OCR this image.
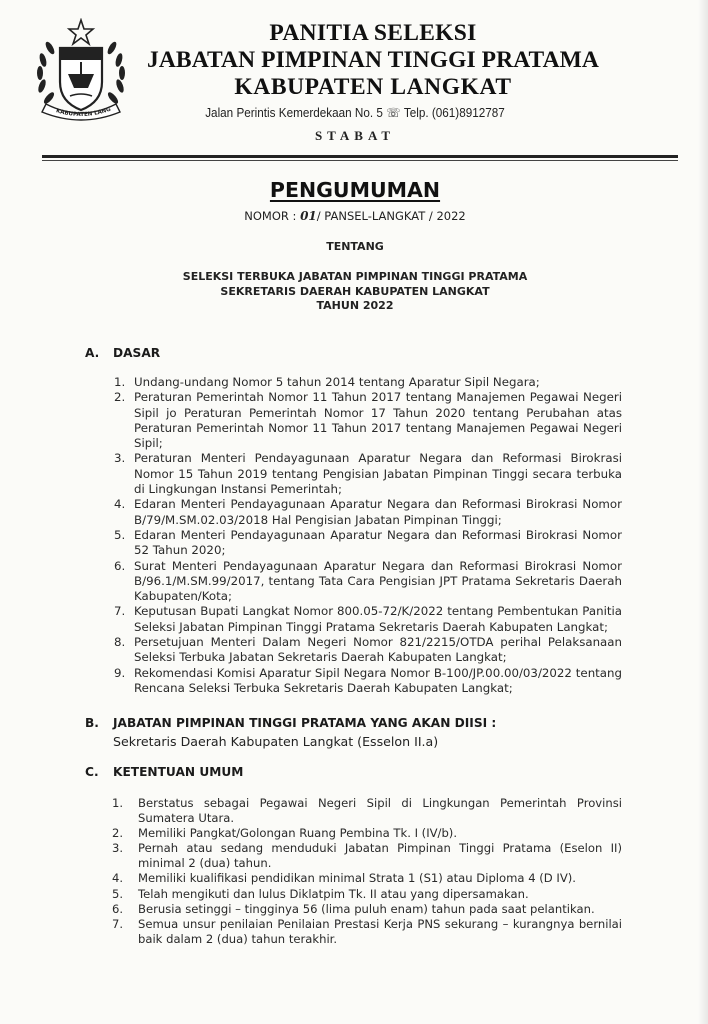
KABUPATEN LANG
PANITIA SELEKSI
JABATAN PIMPINAN TINGGI PRATAMA
KABUPATEN LANGKAT
Jalan Perintis Kemerdekaan No. 5 ☏ Telp. (061)8912787
STABAT
PENGUMUMAN
NOMOR : 01/ PANSEL-LANGKAT / 2022
TENTANG
SELEKSI TERBUKA JABATAN PIMPINAN TINGGI PRATAMA
SEKRETARIS DAERAH KABUPATEN LANGKAT
TAHUN 2022
A. DASAR
1. Undang-undang Nomor 5 tahun 2014 tentang Aparatur Sipil Negara;
2. Peraturan Pemerintah Nomor 11 Tahun 2017 tentang Manajemen Pegawai Negeri Sipil jo Peraturan Pemerintah Nomor 17 Tahun 2020 tentang Perubahan atas Peraturan Pemerintah Nomor 11 Tahun 2017 tentang Manajemen Pegawai Negeri Sipil;
3. Peraturan Menteri Pendayagunaan Aparatur Negara dan Reformasi Birokrasi Nomor 15 Tahun 2019 tentang Pengisian Jabatan Pimpinan Tinggi secara terbuka di Lingkungan Instansi Pemerintah;
4. Edaran Menteri Pendayagunaan Aparatur Negara dan Reformasi Birokrasi Nomor B/79/M.SM.02.03/2018 Hal Pengisian Jabatan Pimpinan Tinggi;
5. Edaran Menteri Pendayagunaan Aparatur Negara dan Reformasi Birokrasi Nomor 52 Tahun 2020;
6. Surat Menteri Pendayagunaan Aparatur Negara dan Reformasi Birokrasi Nomor B/96.1/M.SM.99/2017, tentang Tata Cara Pengisian JPT Pratama Sekretaris Daerah Kabupaten/Kota;
7. Keputusan Bupati Langkat Nomor 800.05-72/K/2022 tentang Pembentukan Panitia Seleksi Jabatan Pimpinan Tinggi Pratama Sekretaris Daerah Kabupaten Langkat;
8. Persetujuan Menteri Dalam Negeri Nomor 821/2215/OTDA perihal Pelaksanaan Seleksi Terbuka Jabatan Sekretaris Daerah Kabupaten Langkat;
9. Rekomendasi Komisi Aparatur Sipil Negara Nomor B-100/JP.00.00/03/2022 tentang Rencana Seleksi Terbuka Sekretaris Daerah Kabupaten Langkat;
B. JABATAN PIMPINAN TINGGI PRATAMA YANG AKAN DIISI :
Sekretaris Daerah Kabupaten Langkat (Esselon II.a)
C. KETENTUAN UMUM
1. Berstatus sebagai Pegawai Negeri Sipil di Lingkungan Pemerintah Provinsi Sumatera Utara.
2. Memiliki Pangkat/Golongan Ruang Pembina Tk. I (IV/b).
3. Pernah atau sedang menduduki Jabatan Pimpinan Tinggi Pratama (Eselon II) minimal 2 (dua) tahun.
4. Memiliki kualifikasi pendidikan minimal Strata 1 (S1) atau Diploma 4 (D IV).
5. Telah mengikuti dan lulus Diklatpim Tk. II atau yang dipersamakan.
6. Berusia setinggi – tingginya 56 (lima puluh enam) tahun pada saat pelantikan.
7. Semua unsur penilaian Penilaian Prestasi Kerja PNS sekurang – kurangnya bernilai baik dalam 2 (dua) tahun terakhir.
